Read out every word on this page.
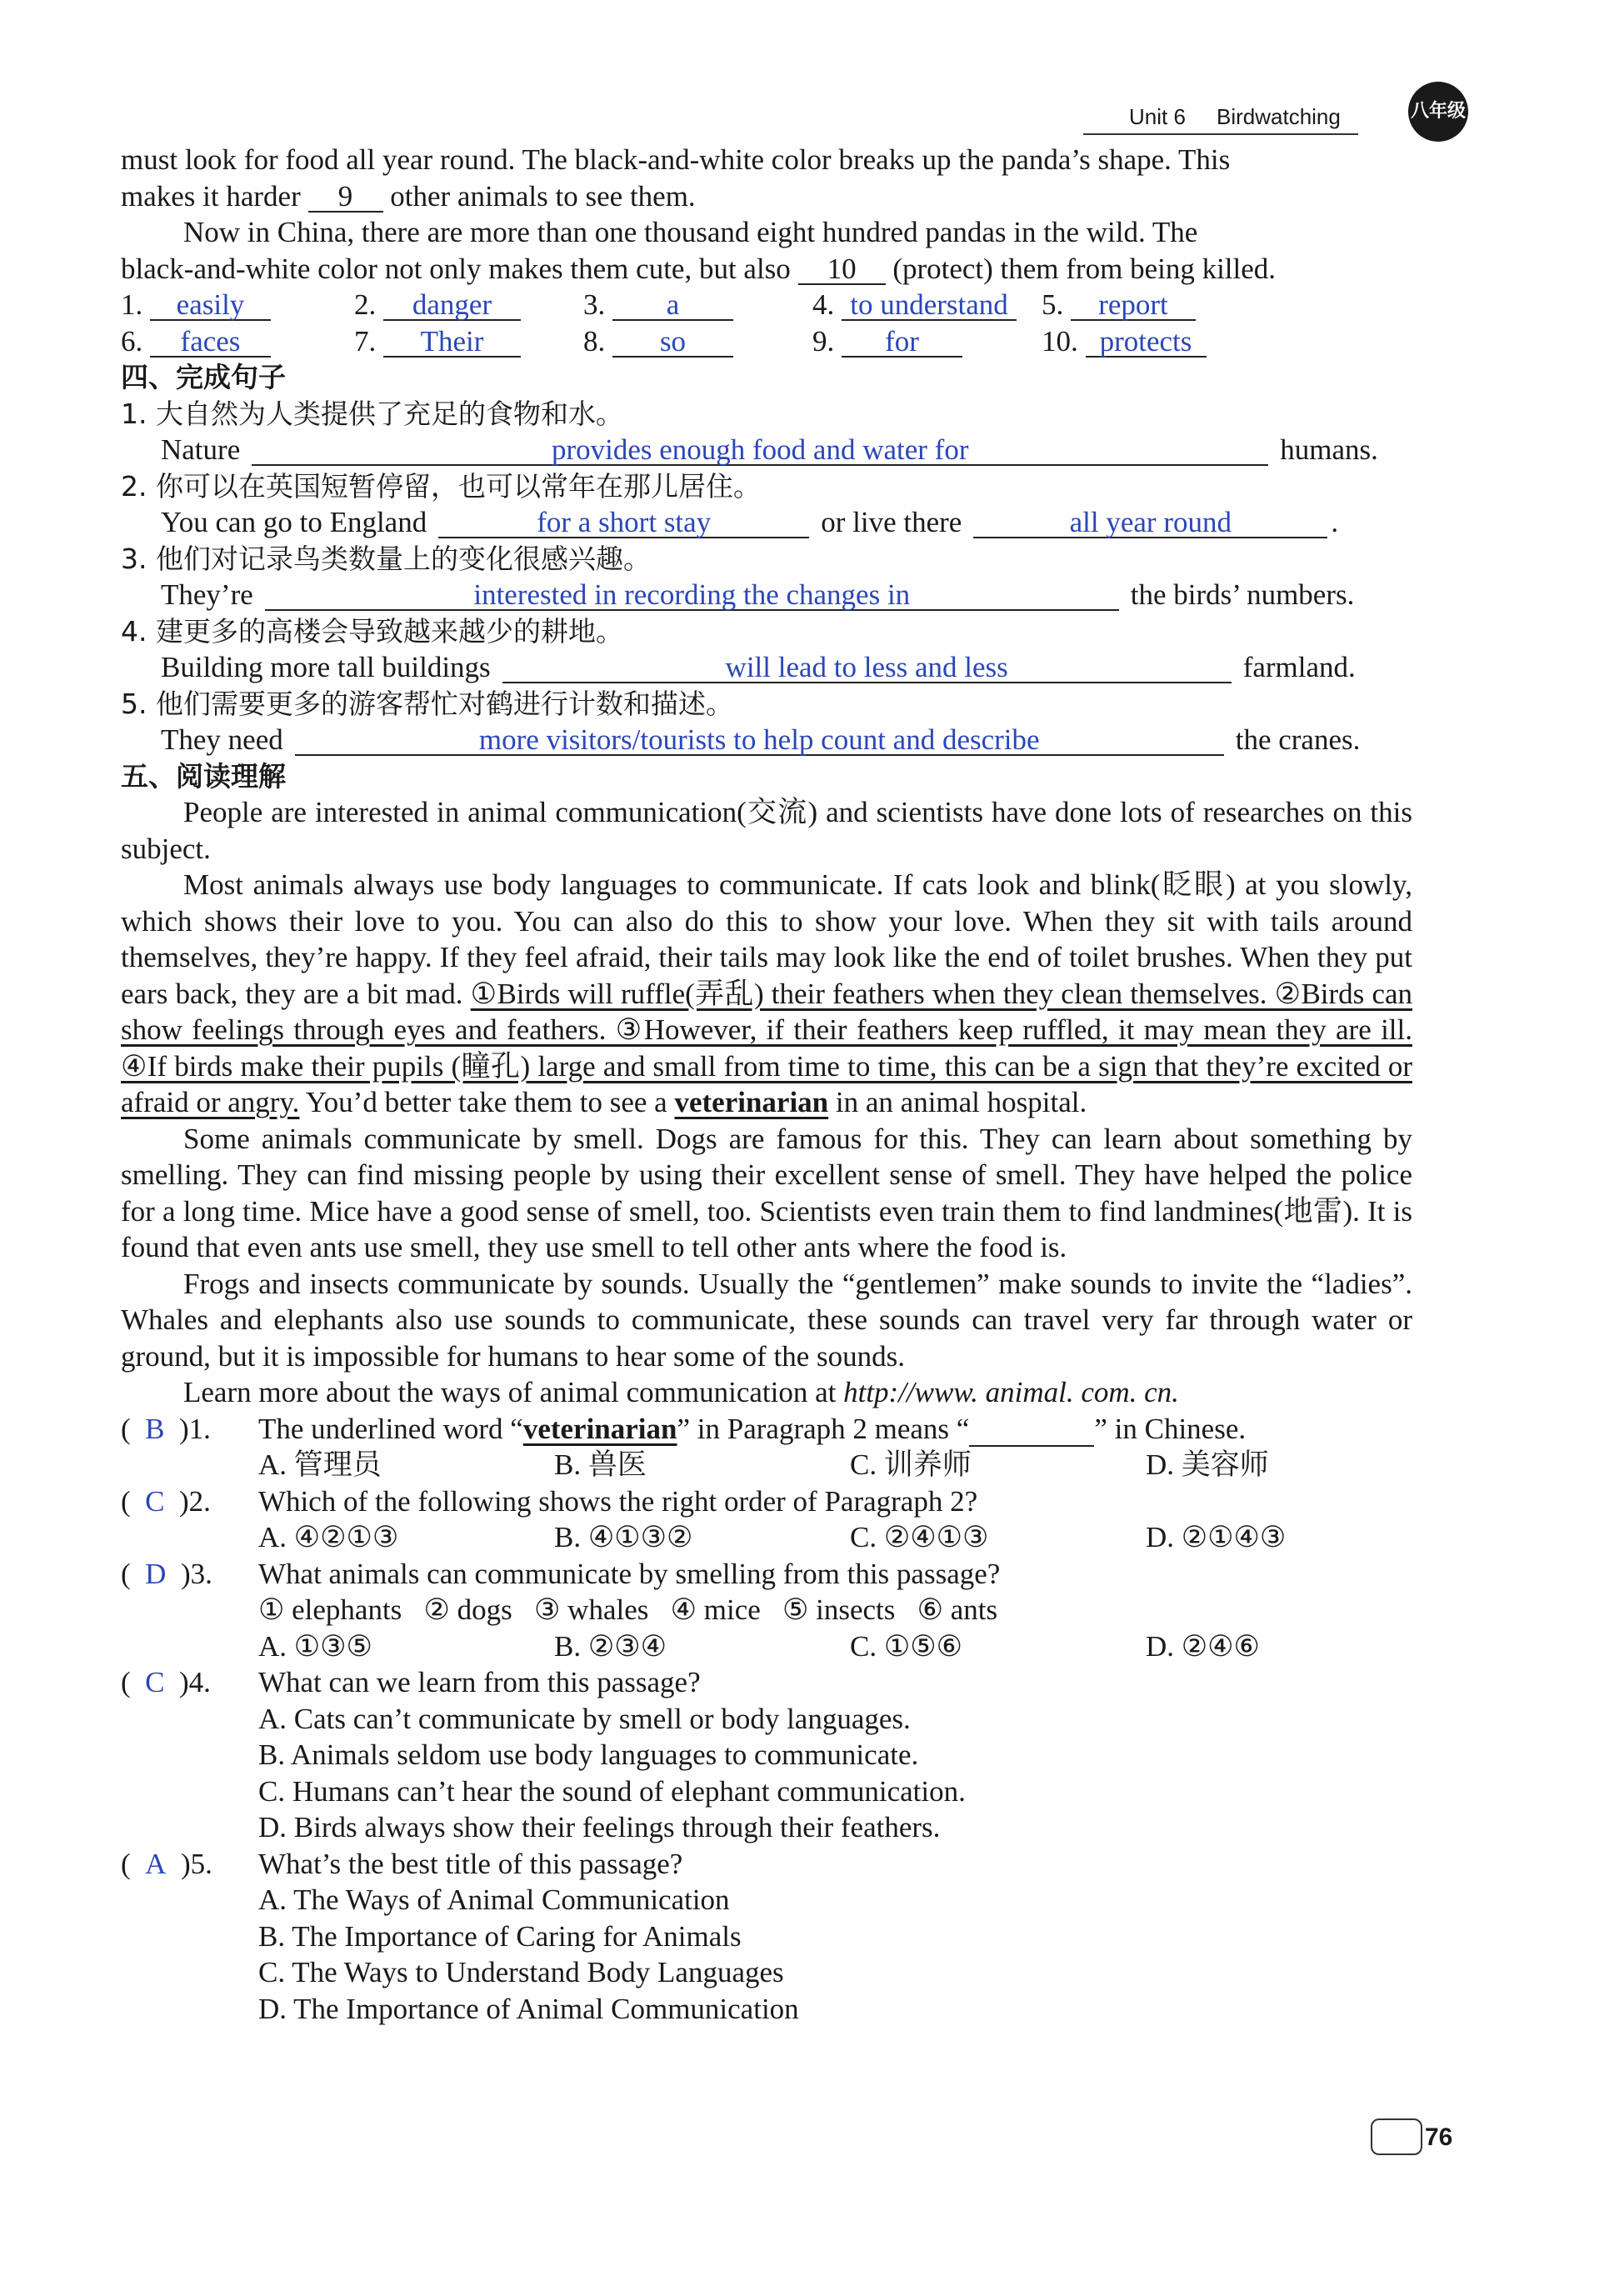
Unit 6 Birdwatching	八年级

must look for food all year round. The black-and-white color breaks up the panda’s shape. This

makes it harder 9 other animals to see them.

Now in China, there are more than one thousand eight hundred pandas in the wild. The

black-and-white color not only makes them cute, but also 10 (protect) them from being killed.

1. easily	2. danger	3. a	4. to understand	5. report
6. faces	7. Their	8. so	9. for	10. protects

四、完成句子

1. 大自然为人类提供了充足的食物和水。
Nature	provides enough food and water for	humans.
2. 你可以在英国短暂停留，也可以常年在那儿居住。
You can go to England	for a short stay	or live there	all year round	.
3. 他们对记录鸟类数量上的变化很感兴趣。
They’re	interested in recording the changes in	the birds’ numbers.
4. 建更多的高楼会导致越来越少的耕地。
Building more tall buildings	will lead to less and less	farmland.
5. 他们需要更多的游客帮忙对鹤进行计数和描述。
They need	more visitors/tourists to help count and describe	the cranes.

五、阅读理解

People are interested in animal communication(交流) and scientists have done lots of researches on this subject.

Most animals always use body languages to communicate. If cats look and blink(眨眼) at you slowly, which shows their love to you. You can also do this to show your love. When they sit with tails around themselves, they’re happy. If they feel afraid, their tails may look like the end of toilet brushes. When they put ears back, they are a bit mad. ①Birds will ruffle(弄乱) their feathers when they clean themselves. ②Birds can show feelings through eyes and feathers. ③However, if their feathers keep ruffled, it may mean they are ill. ④If birds make their pupils (瞳孔) large and small from time to time, this can be a sign that they’re excited or afraid or angry. You’d better take them to see a veterinarian in an animal hospital.

Some animals communicate by smell. Dogs are famous for this. They can learn about something by smelling. They can find missing people by using their excellent sense of smell. They have helped the police for a long time. Mice have a good sense of smell, too. Scientists even train them to find landmines(地雷). It is found that even ants use smell, they use smell to tell other ants where the food is.

Frogs and insects communicate by sounds. Usually the “gentlemen” make sounds to invite the “ladies”. Whales and elephants also use sounds to communicate, these sounds can travel very far through water or ground, but it is impossible for humans to hear some of the sounds.

Learn more about the ways of animal communication at http://www. animal. com. cn.

(  B )1.	The underlined word “ veterinarian ” in Paragraph 2 means “	” in Chinese.
A. 管理员	B. 兽医	C. 训养师	D. 美容师
(  C )2.	Which of the following shows the right order of Paragraph 2?
A. ④②①③	B. ④①③②	C. ②④①③	D. ②①④③
(  D )3.	What animals can communicate by smelling from this passage?
① elephants   ② dogs   ③ whales   ④ mice   ⑤ insects   ⑥ ants
A. ①③⑤	B. ②③④	C. ①⑤⑥	D. ②④⑥
(  C )4.	What can we learn from this passage?
A. Cats can’t communicate by smell or body languages.
B. Animals seldom use body languages to communicate.
C. Humans can’t hear the sound of elephant communication.
D. Birds always show their feelings through their feathers.
(  A )5.	What’s the best title of this passage?
A. The Ways of Animal Communication
B. The Importance of Caring for Animals
C. The Ways to Understand Body Languages
D. The Importance of Animal Communication
76
